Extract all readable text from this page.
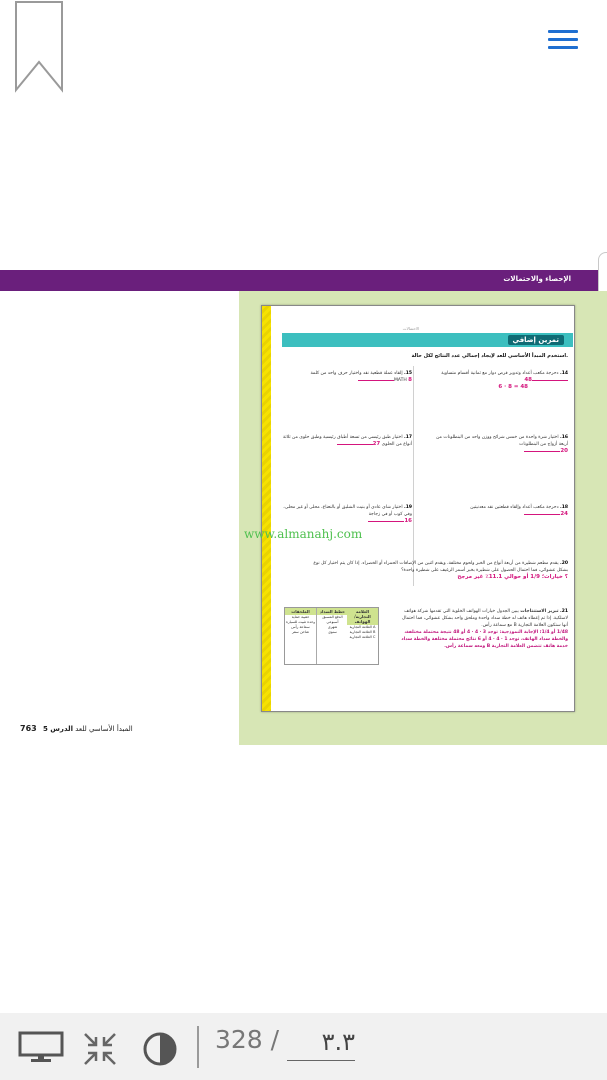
الإحصاء والاحتمالات
763	المبدأ الأساسي للعد الدرس 5
الاحتمالات
تمرين إضافي
استخدم المبدأ الأساسي للعد لإيجاد إجمالي عدد النتائج لكل حالة.
14. دحرجة مكعب أعداد وتدوير قرص دوار مع ثمانية أقسام متساوية
48
6 · 8 = 48
15. إلقاء عملة قطعية نقد واختيار حرف واحد من كلمة
MATH 8
16. اختيار شرة واحدة من خمس شرائح ووزن واحد من البنطلونات من أربعة أزواج من البنطلونات
20
17. اختيار طبق رئيسي من تسعة أطباق رئيسية وطبق حلوى من ثلاثة أنواع من الحلوى 27
18. دحرجة مكعب أعداد وإلقاء قطعتين نقد معدنيتين
24
19. اختيار شاي عادي أو بنيت الشليق أو بالنعناع، محلى أو غير محلى، وفي كوب أو في زجاجة
16
20. يقدم مطعم شطيرة من أربعة أنواع من الخبز ولحوم مختلفة، ويقدم اثنين من الإضافات الحمراء أو الخضراء. إذا كان يتم اختيار كل نوع بشكل عشوائي، فما احتمال الحصول على شطيرة بخبز أسمر الرغيف على شطيرة واحدة؟
؟ خيارات؛ 1/9 أو حوالي 11.1٪ غير مرجح
21. تبرير الاستنتاجات يبين الجدول خيارات الهواتف الخلوية التي تقدمها شركة هواتف لاسلكية. إذا تم إعطاء هاتف له خطة سداد واحدة وملحق واحد بشكل عشوائي، فما احتمال أنها ستكون العلامة التجارية B مع سماعة رأس.
1/48 أو 1/4؛ الإجابة النموذجية: توجد 3 · 4 · 4 أو 48 نتيجة محتملة مختلفة، والخطة سداد الهاتف، توجد 1 · 4 · 4 أو 6 نتائج محتملة مختلفة والخطة سداد خدمة هاتف تتضمن العلامة التجارية B ومعه سماعة رأس.
العلامة التجارية/الهواتف
العلامة التجارية A
العلامة التجارية B
العلامة التجارية C
خطط السداد
الدفع المسبق
أسبوعي
شهري
سنوي
الملحقات
حقيبة حماية
وحدة تثبيت للسيارة
سماعة رأس
شاحن سفر
www.almanahj.com
328 /
٣.٣
